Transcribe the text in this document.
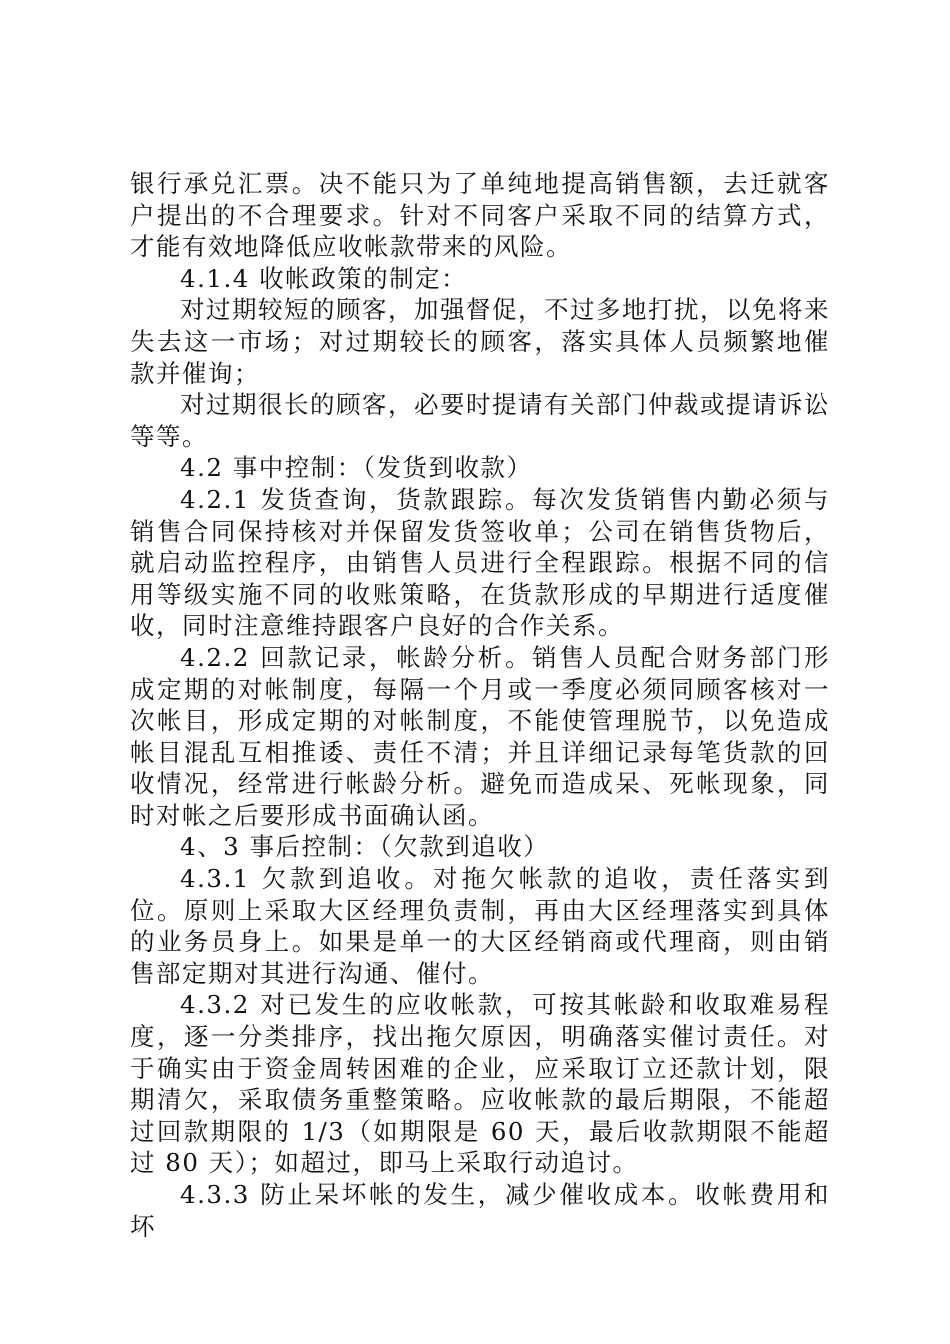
银行承兑汇票。决不能只为了单纯地提高销售额，去迁就客户提出的不合理要求。针对不同客户采取不同的结算方式，才能有效地降低应收帐款带来的风险。

4.1.4 收帐政策的制定：

对过期较短的顾客，加强督促，不过多地打扰，以免将来失去这一市场；对过期较长的顾客，落实具体人员频繁地催款并催询；

对过期很长的顾客，必要时提请有关部门仲裁或提请诉讼等等。

4.2 事中控制：（发货到收款）

4.2.1 发货查询，货款跟踪。每次发货销售内勤必须与销售合同保持核对并保留发货签收单；公司在销售货物后，就启动监控程序，由销售人员进行全程跟踪。根据不同的信用等级实施不同的收账策略，在货款形成的早期进行适度催收，同时注意维持跟客户良好的合作关系。

4.2.2 回款记录，帐龄分析。销售人员配合财务部门形成定期的对帐制度，每隔一个月或一季度必须同顾客核对一次帐目，形成定期的对帐制度，不能使管理脱节，以免造成帐目混乱互相推诿、责任不清；并且详细记录每笔货款的回收情况，经常进行帐龄分析。避免而造成呆、死帐现象，同时对帐之后要形成书面确认函。

4、3 事后控制：（欠款到追收）

4.3.1 欠款到追收。对拖欠帐款的追收，责任落实到位。原则上采取大区经理负责制，再由大区经理落实到具体的业务员身上。如果是单一的大区经销商或代理商，则由销售部定期对其进行沟通、催付。

4.3.2 对已发生的应收帐款，可按其帐龄和收取难易程度，逐一分类排序，找出拖欠原因，明确落实催讨责任。对于确实由于资金周转困难的企业，应采取订立还款计划，限期清欠，采取债务重整策略。应收帐款的最后期限，不能超过回款期限的 1/3（如期限是 60 天，最后收款期限不能超过 80 天）；如超过，即马上采取行动追讨。

4.3.3 防止呆坏帐的发生，减少催收成本。收帐费用和坏
